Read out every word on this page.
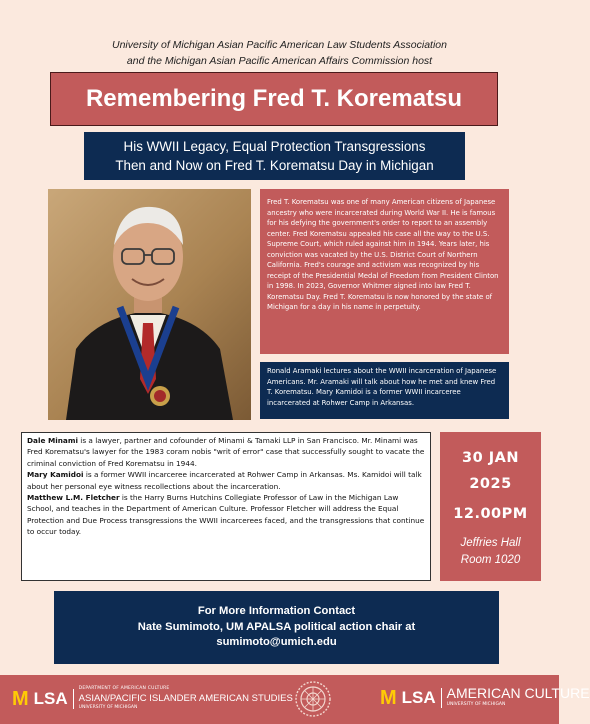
University of Michigan Asian Pacific American Law Students Association
and the Michigan Asian Pacific American Affairs Commission host
Remembering Fred T. Korematsu
His WWII Legacy, Equal Protection Transgressions
Then and Now on Fred T. Korematsu Day in Michigan

Fred T. Korematsu was one of many American citizens of Japanese ancestry who were incarcerated during World War II. He is famous for his defying the government's order to report to an assembly center. Fred Korematsu appealed his case all the way to the U.S. Supreme Court, which ruled against him in 1944. Years later, his conviction was vacated by the U.S. District Court of Northern California. Fred's courage and activism was recognized by his receipt of the Presidential Medal of Freedom from President Clinton in 1998. In 2023, Governor Whitmer signed into law Fred T. Korematsu Day. Fred T. Korematsu is now honored by the state of Michigan for a day in his name in perpetuity.

Ronald Aramaki lectures about the WWII incarceration of Japanese Americans. Mr. Aramaki will talk about how he met and knew Fred T. Korematsu. Mary Kamidoi is a former WWII incarceree incarcerated at Rohwer Camp in Arkansas.

Dale Minami is a lawyer, partner and cofounder of Minami & Tamaki LLP in San Francisco. Mr. Minami was Fred Korematsu's lawyer for the 1983 coram nobis "writ of error" case that successfully sought to vacate the criminal conviction of Fred Korematsu in 1944.

Mary Kamidoi is a former WWII incarceree incarcerated at Rohwer Camp in Arkansas. Ms. Kamidoi will talk about her personal eye witness recollections about the incarceration.

Matthew L.M. Fletcher is the Harry Burns Hutchins Collegiate Professor of Law in the Michigan Law School, and teaches in the Department of American Culture. Professor Fletcher will address the Equal Protection and Due Process transgressions the WWII incarcerees faced, and the transgressions that continue to occur today.

30 JAN
2025
12.00PM
Jeffries Hall
Room 1020
For More Information Contact
Nate Sumimoto, UM APALSA political action chair at
sumimoto@umich.edu
M LSA	DEPARTMENT OF AMERICAN CULTURE
ASIAN/PACIFIC ISLANDER AMERICAN STUDIES
UNIVERSITY OF MICHIGAN	M LSA AMERICAN CULTURE
UNIVERSITY OF MICHIGAN
